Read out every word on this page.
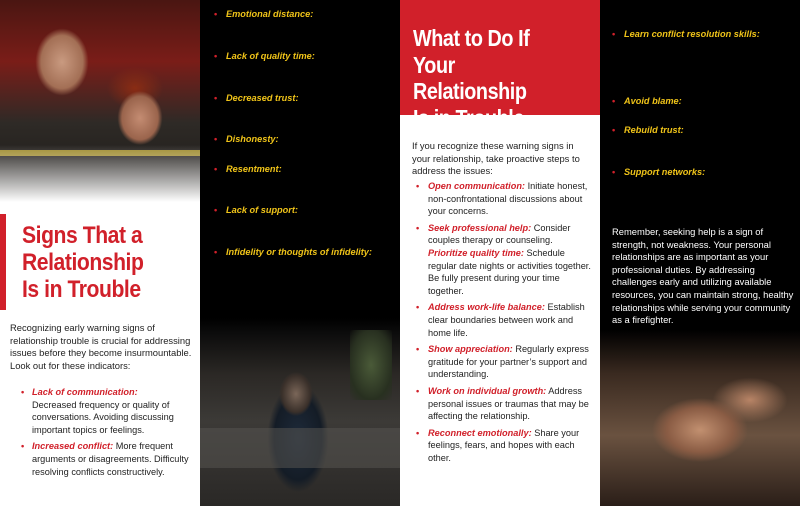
Signs That a
Relationship
Is in Trouble

Recognizing early warning signs of relationship trouble is crucial for addressing issues before they become insurmountable. Look out for these indicators:

• Lack of communication:
Decreased frequency or quality of conversations. Avoiding discussing important topics or feelings.
• Increased conflict: More frequent arguments or disagreements. Difficulty resolving conflicts constructively.
• Emotional distance: Feeling disconnected or “out of sync” with your partner. Lack of affection or intimacy
• Lack of quality time: Spending less time together or not prioritizing the relationship.
• Decreased trust: Suspicion or doubt about your partner’s activities or intentions.
• Dishonesty: Withholding information or being secretive.
• Resentment: Harboring grudges or unresolved anger. Feeling underappreciated or taken for granted.
• Lack of support: Not feeling emotionally supported by your partner. Criticism outweighs encouragement.
• Infidelity or thoughts of infidelity: Emotional or physical affairs. Frequently thinking about being with someone else.
What to Do If
Your Relationship
Is in Trouble

If you recognize these warning signs in your relationship, take proactive steps to address the issues:

• Open communication: Initiate honest, non-confrontational discussions about your concerns.
• Seek professional help: Consider couples therapy or counseling.
Prioritize quality time: Schedule regular date nights or activities together. Be fully present during your time together.
• Address work-life balance: Establish clear boundaries between work and home life.
• Show appreciation: Regularly express gratitude for your partner’s support and understanding.
• Work on individual growth: Address personal issues or traumas that may be affecting the relationship.
• Reconnect emotionally: Share your feelings, fears, and hopes with each other.
• Learn conflict resolution skills:
Practice fair-fighting techniques and constructive problem-solving. Fair-fighting rules tell you what’s okay and what’s crossing the line in an argument.
• Avoid blame: Focus on finding solutions together.
• Rebuild trust: If trust has been broken, be patient and understand that rebuilding it takes time.
• Support networks: Connect with other firefighter couples for support and advice. Encourage your partner to build relationships with other firefighter spouses or partners.

Remember, seeking help is a sign of strength, not weakness. Your personal relationships are as important as your professional duties. By addressing challenges early and utilizing available resources, you can maintain strong, healthy relationships while serving your community as a firefighter.
